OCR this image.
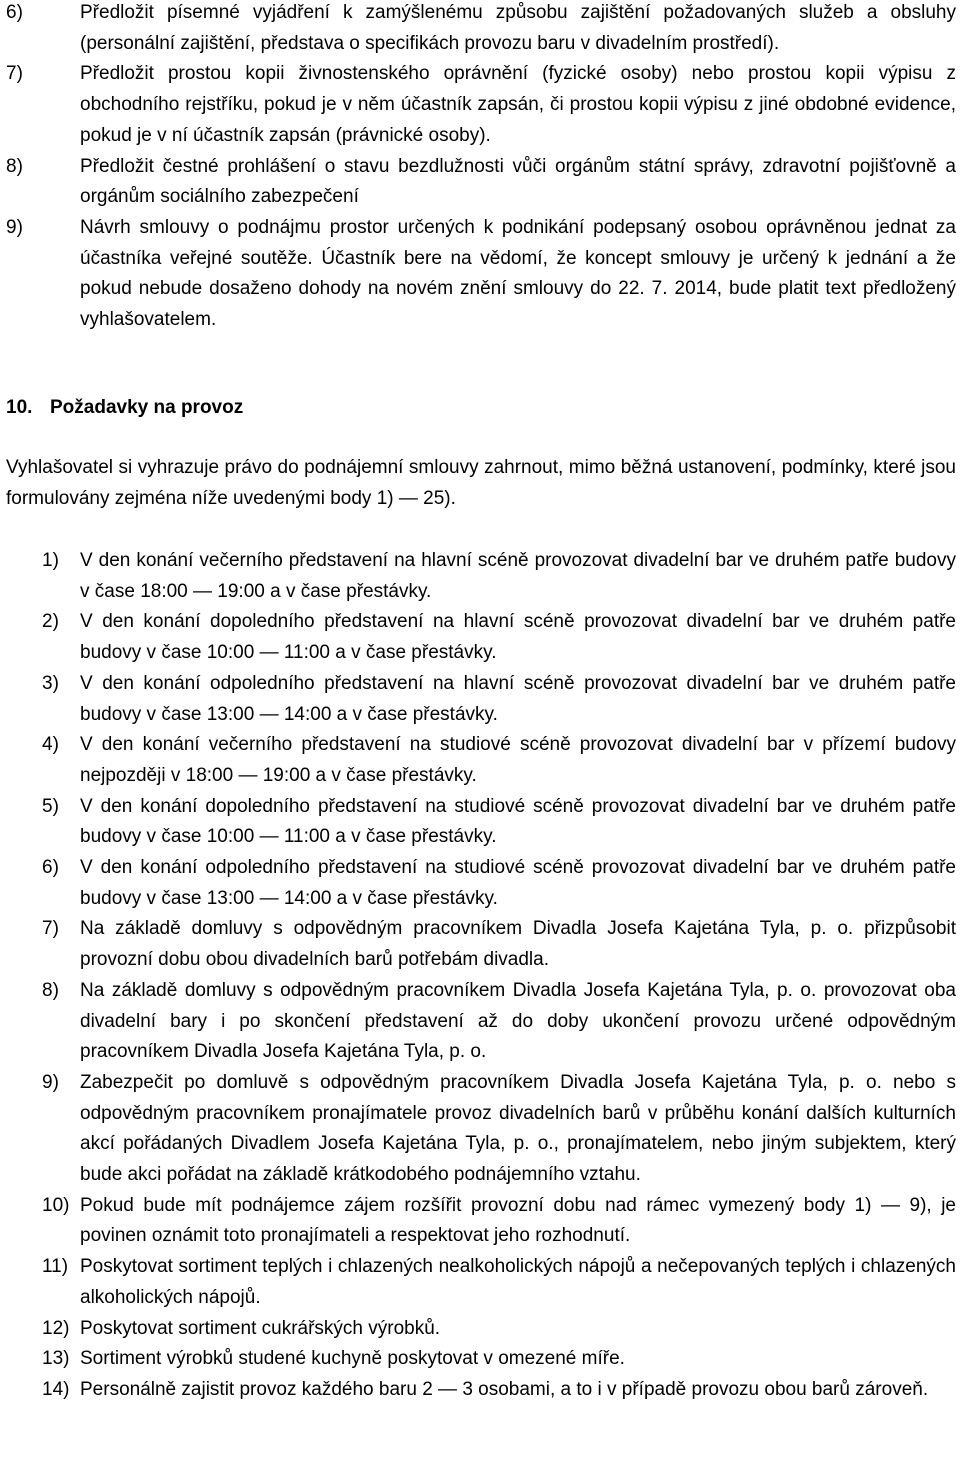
6)	Předložit písemné vyjádření k zamýšlenému způsobu zajištění požadovaných služeb a obsluhy (personální zajištění, představa o specifikách provozu baru v divadelním prostředí).
7)	Předložit prostou kopii živnostenského oprávnění (fyzické osoby) nebo prostou kopii výpisu z obchodního rejstříku, pokud je v něm účastník zapsán, či prostou kopii výpisu z jiné obdobné evidence, pokud je v ní účastník zapsán (právnické osoby).
8)	Předložit čestné prohlášení o stavu bezdlužnosti vůči orgánům státní správy, zdravotní pojišťovně a orgánům sociálního zabezpečení
9)	Návrh smlouvy o podnájmu prostor určených k podnikání podepsaný osobou oprávněnou jednat za účastníka veřejné soutěže. Účastník bere na vědomí, že koncept smlouvy je určený k jednání a že pokud nebude dosaženo dohody na novém znění smlouvy do 22. 7. 2014, bude platit text předložený vyhlašovatelem.
10. Požadavky na provoz
Vyhlašovatel si vyhrazuje právo do podnájemní smlouvy zahrnout, mimo běžná ustanovení, podmínky, které jsou formulovány zejména níže uvedenými body 1) — 25).
1) V den konání večerního představení na hlavní scéně provozovat divadelní bar ve druhém patře budovy v čase 18:00 — 19:00 a v čase přestávky.
2) V den konání dopoledního představení na hlavní scéně provozovat divadelní bar ve druhém patře budovy v čase 10:00 — 11:00 a v čase přestávky.
3) V den konání odpoledního představení na hlavní scéně provozovat divadelní bar ve druhém patře budovy v čase 13:00 — 14:00 a v čase přestávky.
4) V den konání večerního představení na studiové scéně provozovat divadelní bar v přízemí budovy nejpozději v 18:00 — 19:00 a v čase přestávky.
5) V den konání dopoledního představení na studiové scéně provozovat divadelní bar ve druhém patře budovy v čase 10:00 — 11:00 a v čase přestávky.
6) V den konání odpoledního představení na studiové scéně provozovat divadelní bar ve druhém patře budovy v čase 13:00 — 14:00 a v čase přestávky.
7) Na základě domluvy s odpovědným pracovníkem Divadla Josefa Kajetána Tyla, p. o. přizpůsobit provozní dobu obou divadelních barů potřebám divadla.
8) Na základě domluvy s odpovědným pracovníkem Divadla Josefa Kajetána Tyla, p. o. provozovat oba divadelní bary i po skončení představení až do doby ukončení provozu určené odpovědným pracovníkem Divadla Josefa Kajetána Tyla, p. o.
9) Zabezpečit po domluvě s odpovědným pracovníkem Divadla Josefa Kajetána Tyla, p. o. nebo s odpovědným pracovníkem pronajímatele provoz divadelních barů v průběhu konání dalších kulturních akcí pořádaných Divadlem Josefa Kajetána Tyla, p. o., pronajímatelem, nebo jiným subjektem, který bude akci pořádat na základě krátkodobého podnájemního vztahu.
10) Pokud bude mít podnájemce zájem rozšířit provozní dobu nad rámec vymezený body 1) — 9), je povinen oznámit toto pronajímateli a respektovat jeho rozhodnutí.
11) Poskytovat sortiment teplých i chlazených nealkoholických nápojů a nečepovaných teplých i chlazených alkoholických nápojů.
12) Poskytovat sortiment cukrářských výrobků.
13) Sortiment výrobků studené kuchyně poskytovat v omezené míře.
14) Personálně zajistit provoz každého baru 2 — 3 osobami, a to i v případě provozu obou barů zároveň.
